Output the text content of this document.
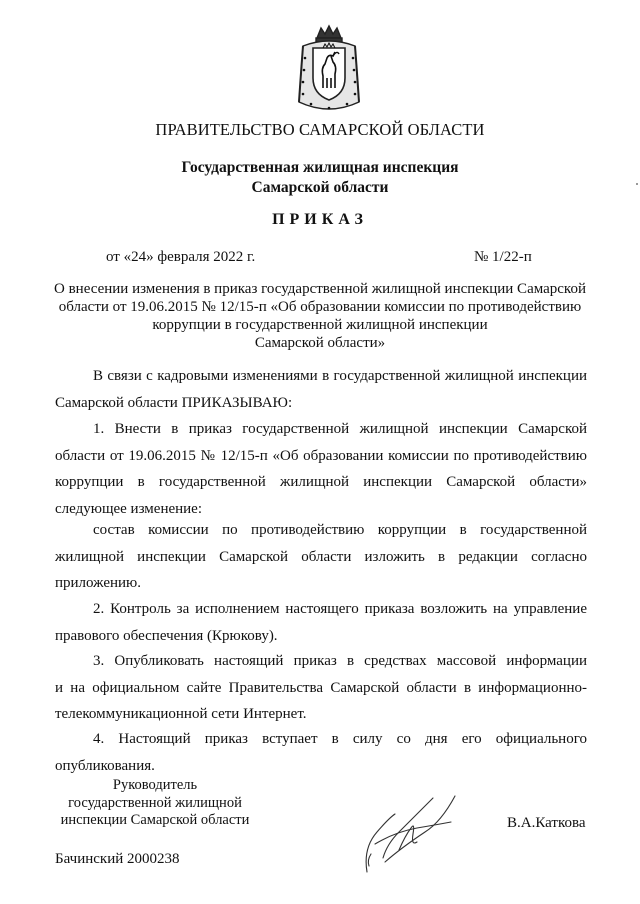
ПРАВИТЕЛЬСТВО САМАРСКОЙ ОБЛАСТИ
Государственная жилищная инспекция
Самарской области
ПРИКАЗ
от «24» февраля 2022 г.	№ 1/22-п
О внесении изменения в приказ государственной жилищной инспекции Самарской
области от 19.06.2015 № 12/15-п «Об образовании комиссии по противодействию
коррупции в государственной жилищной инспекции
Самарской области»
В связи с кадровыми изменениями в государственной жилищной инспекции
Самарской области ПРИКАЗЫВАЮ:
1. Внести в приказ государственной жилищной инспекции Самарской
области от 19.06.2015 № 12/15-п «Об образовании комиссии по противодействию
коррупции в государственной жилищной инспекции Самарской области»
следующее изменение:
состав комиссии по противодействию коррупции в государственной
жилищной инспекции Самарской области изложить в редакции согласно
приложению.
2. Контроль за исполнением настоящего приказа возложить на управление
правового обеспечения (Крюкову).
3. Опубликовать настоящий приказ в средствах массовой информации
и на официальном сайте Правительства Самарской области в информационно-
телекоммуникационной сети Интернет.
4. Настоящий приказ вступает в силу со дня его официального
опубликования.
Руководитель
государственной жилищной
инспекции Самарской области	В.А.Каткова
Бачинский 2000238
